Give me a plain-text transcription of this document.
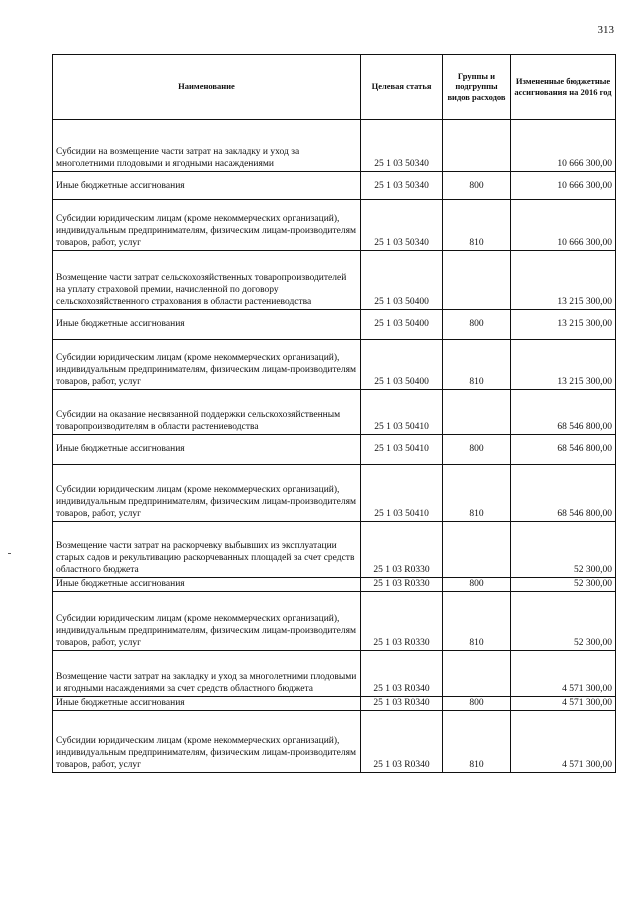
313
Наименование	Целевая статья	Группы и подгруппы видов расходов	Измененные бюджетные ассигнования на 2016 год
Субсидии на возмещение части затрат на закладку и уход за многолетними плодовыми и ягодными насаждениями	25 1 03 50340		10 666 300,00
Иные бюджетные ассигнования	25 1 03 50340	800	10 666 300,00
Субсидии юридическим лицам (кроме некоммерческих организаций), индивидуальным предпринимателям, физическим лицам-производителям товаров, работ, услуг	25 1 03 50340	810	10 666 300,00
Возмещение части затрат сельскохозяйственных товаропроизводителей на уплату страховой премии, начисленной по договору сельскохозяйственного страхования в области растениеводства	25 1 03 50400		13 215 300,00
Иные бюджетные ассигнования	25 1 03 50400	800	13 215 300,00
Субсидии юридическим лицам (кроме некоммерческих организаций), индивидуальным предпринимателям, физическим лицам-производителям товаров, работ, услуг	25 1 03 50400	810	13 215 300,00
Субсидии на оказание несвязанной поддержки сельскохозяйственным товаропроизводителям в области растениеводства	25 1 03 50410		68 546 800,00
Иные бюджетные ассигнования	25 1 03 50410	800	68 546 800,00
Субсидии юридическим лицам (кроме некоммерческих организаций), индивидуальным предпринимателям, физическим лицам-производителям товаров, работ, услуг	25 1 03 50410	810	68 546 800,00
Возмещение части затрат на раскорчевку выбывших из эксплуатации старых садов и рекультивацию раскорчеванных площадей за счет средств областного бюджета	25 1 03 R0330		52 300,00
Иные бюджетные ассигнования	25 1 03 R0330	800	52 300,00
Субсидии юридическим лицам (кроме некоммерческих организаций), индивидуальным предпринимателям, физическим лицам-производителям товаров, работ, услуг	25 1 03 R0330	810	52 300,00
Возмещение части затрат на закладку и уход за многолетними плодовыми и ягодными насаждениями за счет средств областного бюджета	25 1 03 R0340		4 571 300,00
Иные бюджетные ассигнования	25 1 03 R0340	800	4 571 300,00
Субсидии юридическим лицам (кроме некоммерческих организаций), индивидуальным предпринимателям, физическим лицам-производителям товаров, работ, услуг	25 1 03 R0340	810	4 571 300,00
